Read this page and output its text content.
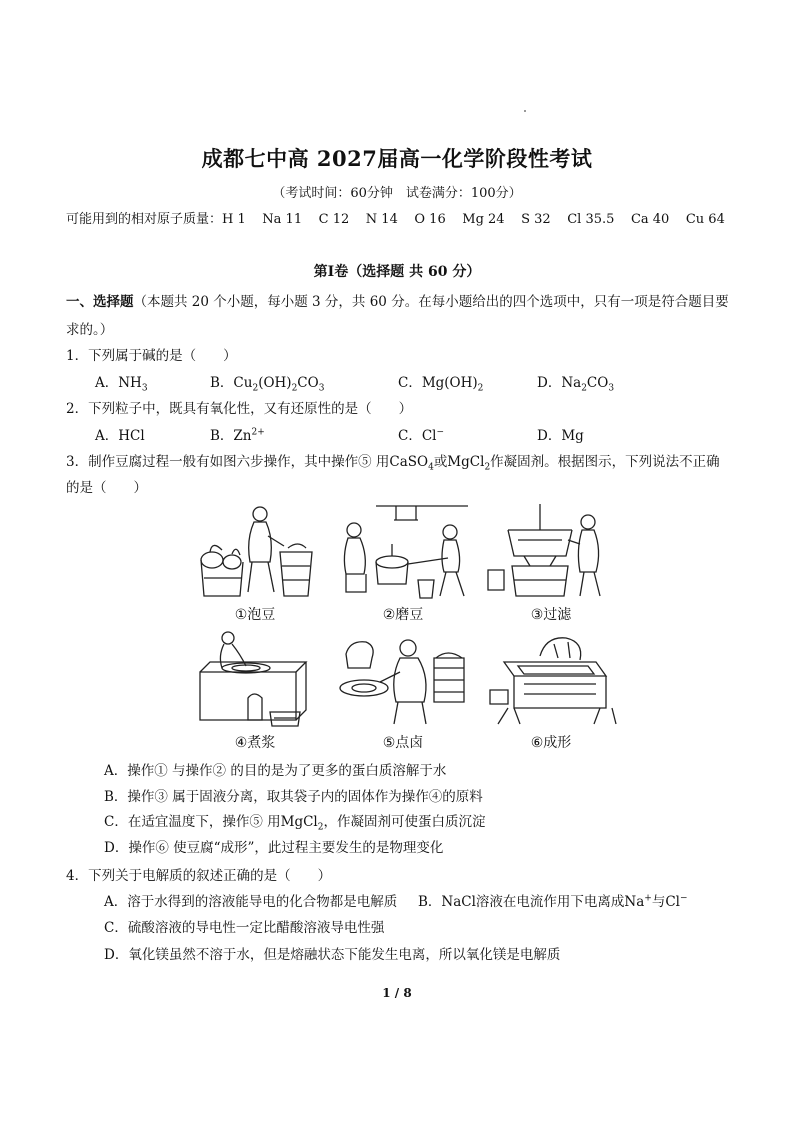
成都七中高 2027届高一化学阶段性考试
（考试时间：60分钟　试卷满分：100分）
可能用到的相对原子质量：H 1 Na 11 C 12 N 14 O 16 Mg 24 S 32 Cl 35.5 Ca 40 Cu 64
第Ⅰ卷（选择题 共 60 分）
一、选择题（本题共 20 个小题，每小题 3 分，共 60 分。在每小题给出的四个选项中，只有一项是符合题目要
求的。）
1．下列属于碱的是（　　）
A．$NH_3$	B．$Cu_2(OH)_2CO_3$	C．$Mg(OH)_2$	D．$Na_2CO_3$
2．下列粒子中，既具有氧化性，又有还原性的是（　　）
A．HCl	B．$Zn^{2+}$	C．Cl−	D．Mg
3．制作豆腐过程一般有如图六步操作，其中操作⑤ 用CaSO$_4$或MgCl$_2$作凝固剂。根据图示，下列说法不正确
的是（　　）
①泡豆	②磨豆	③过滤
④煮浆	⑤点卤	⑥成形
A．操作① 与操作② 的目的是为了更多的蛋白质溶解于水
B．操作③ 属于固液分离，取其袋子内的固体作为操作④的原料
C．在适宜温度下，操作⑤ 用MgCl$_2$，作凝固剂可使蛋白质沉淀
D．操作⑥ 使豆腐“成形”，此过程主要发生的是物理变化
4．下列关于电解质的叙述正确的是（　　）
A．溶于水得到的溶液能导电的化合物都是电解质 B．NaCl溶液在电流作用下电离成Na+与Cl−
C．硫酸溶液的导电性一定比醋酸溶液导电性强
D．氧化镁虽然不溶于水，但是熔融状态下能发生电离，所以氧化镁是电解质
1 / 8
